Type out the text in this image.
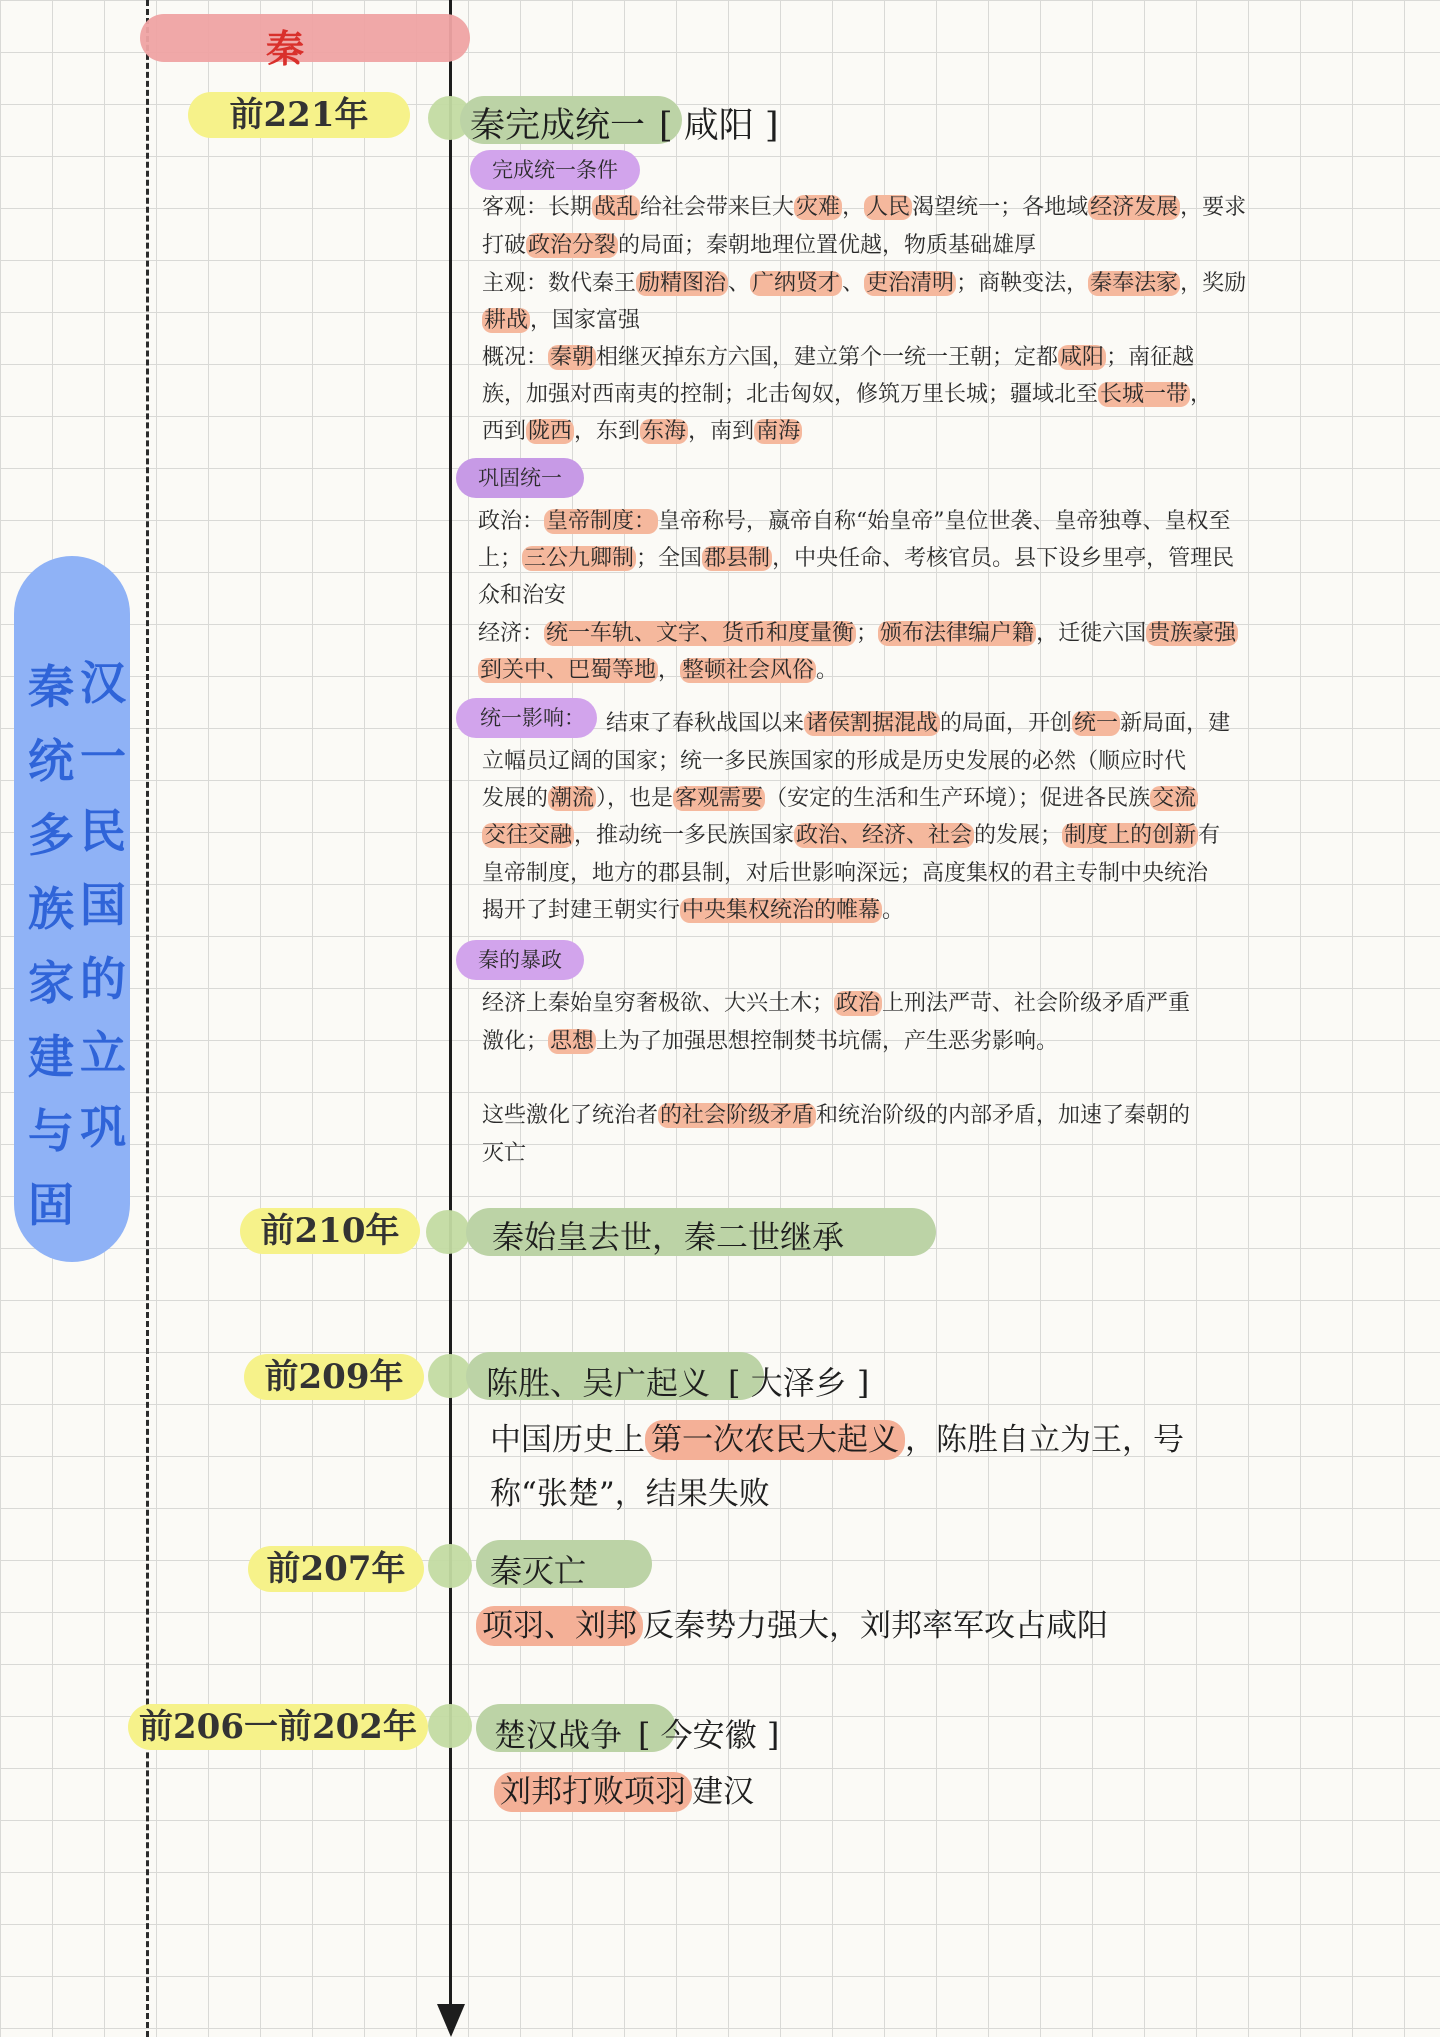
秦
秦
统
多
族
家
建
与
固
汉
一
民
国
的
立
巩
前221年	秦完成统一 [ 咸阳 ]
完成统一条件
客观：长期战乱给社会带来巨大灾难，人民渴望统一；各地域经济发展，要求
打破政治分裂的局面；秦朝地理位置优越，物质基础雄厚
主观：数代秦王励精图治、广纳贤才、吏治清明；商鞅变法，秦奉法家，奖励
耕战，国家富强
概况：秦朝相继灭掉东方六国，建立第个一统一王朝；定都咸阳；南征越
族，加强对西南夷的控制；北击匈奴，修筑万里长城；疆域北至长城一带，
西到陇西，东到东海，南到南海
巩固统一
政治：皇帝制度：皇帝称号，嬴帝自称“始皇帝”皇位世袭、皇帝独尊、皇权至
上；三公九卿制；全国郡县制，中央任命、考核官员。县下设乡里亭，管理民
众和治安
经济：统一车轨、文字、货币和度量衡；颁布法律编户籍，迁徙六国贵族豪强
到关中、巴蜀等地，整顿社会风俗。
统一影响： 结束了春秋战国以来诸侯割据混战的局面，开创统一新局面，建
立幅员辽阔的国家；统一多民族国家的形成是历史发展的必然（顺应时代
发展的潮流），也是客观需要（安定的生活和生产环境）；促进各民族交流
交往交融，推动统一多民族国家政治、经济、社会的发展；制度上的创新有
皇帝制度，地方的郡县制，对后世影响深远；高度集权的君主专制中央统治
揭开了封建王朝实行中央集权统治的帷幕。
秦的暴政
经济上秦始皇穷奢极欲、大兴土木；政治上刑法严苛、社会阶级矛盾严重
激化；思想上为了加强思想控制焚书坑儒，产生恶劣影响。
这些激化了统治者的社会阶级矛盾和统治阶级的内部矛盾，加速了秦朝的
灭亡
前210年	秦始皇去世，秦二世继承
前209年	陈胜、吴广起义 [ 大泽乡 ]
中国历史上 第一次农民大起义 ，陈胜自立为王，号
称“张楚”，结果失败
前207年	秦灭亡
项羽、刘邦 反秦势力强大，刘邦率军攻占咸阳
前206一前202年	楚汉战争 [ 今安徽 ]
刘邦打败项羽 建汉
